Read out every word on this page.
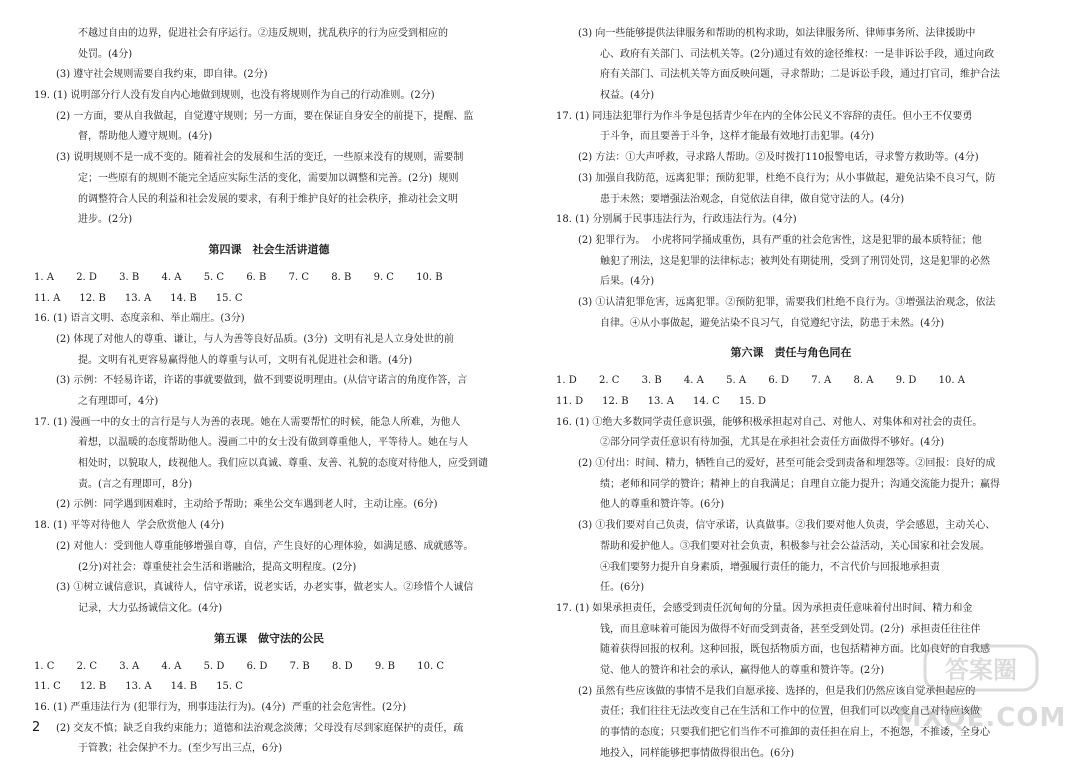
不越过自由的边界，促进社会有序运行。②违反规则，扰乱秩序的行为应受到相应的
处罚。(4分)
(3) 遵守社会规则需要自我约束，即自律。(2分)
19. (1) 说明部分行人没有发自内心地做到规则，也没有将规则作为自己的行动准则。(2分)
(2) 一方面，要从自我做起，自觉遵守规则；另一方面，要在保证自身安全的前提下，提醒、监
督，帮助他人遵守规则。(4分)
(3) 说明规则不是一成不变的。随着社会的发展和生活的变迁，一些原来没有的规则，需要制
定；一些原有的规则不能完全适应实际生活的变化，需要加以调整和完善。(2分)  规则
的调整符合人民的利益和社会发展的要求，有利于维护良好的社会秩序，推动社会文明
进步。(2分)
第四课　社会生活讲道德
1. A       2. D       3. B       4. A       5. C       6. B       7. C       8. B       9. C       10. B
11. A      12. B      13. A      14. B      15. C
16. (1) 语言文明、态度亲和、举止端庄。(3分)
(2) 体现了对他人的尊重、谦让，与人为善等良好品质。(3分)  文明有礼是人立身处世的前
提。文明有礼更容易赢得他人的尊重与认可，文明有礼促进社会和谐。(4分)
(3) 示例：不轻易许诺，许诺的事就要做到，做不到要说明理由。(从信守诺言的角度作答，言
之有理即可，4分)
17. (1) 漫画一中的女士的言行是与人为善的表现。她在人需要帮忙的时候，能急人所难，为他人
着想，以温暖的态度帮助他人。漫画二中的女士没有做到尊重他人，平等待人。她在与人
相处时，以貌取人，歧视他人。我们应以真诚、尊重、友善、礼貌的态度对待他人，应受到谴
责。(言之有理即可，8分)
(2) 示例：同学遇到困难时，主动给予帮助；乘坐公交车遇到老人时，主动让座。(6分)
18. (1) 平等对待他人  学会欣赏他人 (4分)
(2) 对他人：受到他人尊重能够增强自尊，自信，产生良好的心理体验，如满足感、成就感等。
(2分)对社会：尊重使社会生活和谐融洽，提高文明程度。(2分)
(3) ①树立诚信意识，真诚待人，信守承诺，说老实话，办老实事，做老实人。②珍惜个人诚信
记录，大力弘扬诚信文化。(4分)
第五课　做守法的公民
1. C       2. C       3. A       4. A       5. D       6. D       7. B       8. D       9. B       10. C
11. C      12. B      13. A      14. B      15. C
16. (1) 严重违法行为 (犯罪行为，刑事违法行为)。(4分)  严重的社会危害性。(2分)
(2) 交友不慎；缺乏自我约束能力；道德和法治观念淡薄；父母没有尽到家庭保护的责任，疏
于管教；社会保护不力。(至少写出三点，6分)
(3) 向一些能够提供法律服务和帮助的机构求助，如法律服务所、律师事务所、法律援助中
心、政府有关部门、司法机关等。(2分)通过有效的途径维权：一是非诉讼手段，通过向政
府有关部门、司法机关等方面反映问题，寻求帮助；二是诉讼手段，通过打官司，维护合法
权益。(4分)
17. (1) 同违法犯罪行为作斗争是包括青少年在内的全体公民义不容辞的责任。但小王不仅要勇
于斗争，而且要善于斗争，这样才能最有效地打击犯罪。(4分)
(2) 方法：①大声呼救，寻求路人帮助。②及时拨打110报警电话，寻求警方救助等。(4分)
(3) 加强自我防范，远离犯罪；预防犯罪，杜绝不良行为；从小事做起，避免沾染不良习气，防
患于未然；要增强法治观念，自觉依法自律，做自觉守法的人。(4分)
18. (1) 分别属于民事违法行为，行政违法行为。(4分)
(2) 犯罪行为。  小虎将同学捅成重伤，具有严重的社会危害性，这是犯罪的最本质特征；他
触犯了刑法，这是犯罪的法律标志；被判处有期徒刑，受到了刑罚处罚，这是犯罪的必然
后果。(4分)
(3) ①认清犯罪危害，远离犯罪。②预防犯罪，需要我们杜绝不良行为。③增强法治观念，依法
自律。④从小事做起，避免沾染不良习气，自觉遵纪守法，防患于未然。(4分)
第六课　责任与角色同在
1. D       2. C       3. B       4. A       5. A       6. D       7. A       8. A       9. D       10. A
11. D      12. B      13. A      14. C      15. D
16. (1) ①绝大多数同学责任意识强，能够积极承担起对自己、对他人、对集体和对社会的责任。
②部分同学责任意识有待加强，尤其是在承担社会责任方面做得不够好。(4分)
(2) ①付出：时间、精力，牺牲自己的爱好，甚至可能会受到责备和埋怨等。②回报：良好的成
绩；老师和同学的赞许；精神上的自我满足；自理自立能力提升；沟通交流能力提升；赢得
他人的尊重和赞许等。(6分)
(3) ①我们要对自己负责，信守承诺，认真做事。②我们要对他人负责，学会感恩，主动关心、
帮助和爱护他人。③我们要对社会负责，积极参与社会公益活动，关心国家和社会发展。
④我们要努力提升自身素质，增强履行责任的能力，不言代价与回报地承担责
任。(6分)
17. (1) 如果承担责任，会感受到责任沉甸甸的分量。因为承担责任意味着付出时间、精力和金
钱，而且意味着可能因为做得不好而受到责备，甚至受到处罚。(2分)  承担责任往往伴
随着获得回报的权利。这种回报，既包括物质方面，也包括精神方面。比如良好的自我感
觉、他人的赞许和社会的承认，赢得他人的尊重和赞许等。(2分)
(2) 虽然有些应该做的事情不是我们自愿承接、选择的，但是我们仍然应该自觉承担起应的
责任；我们往往无法改变自己在生活和工作中的位置，但我们可以改变自己对待应该做
的事情的态度；只要我们把它们当作不可推卸的责任担在肩上，不抱怨，不推诿，全身心
地投入，同样能够把事情做得很出色。(6分)
2
答案圈
MXQE.COM
